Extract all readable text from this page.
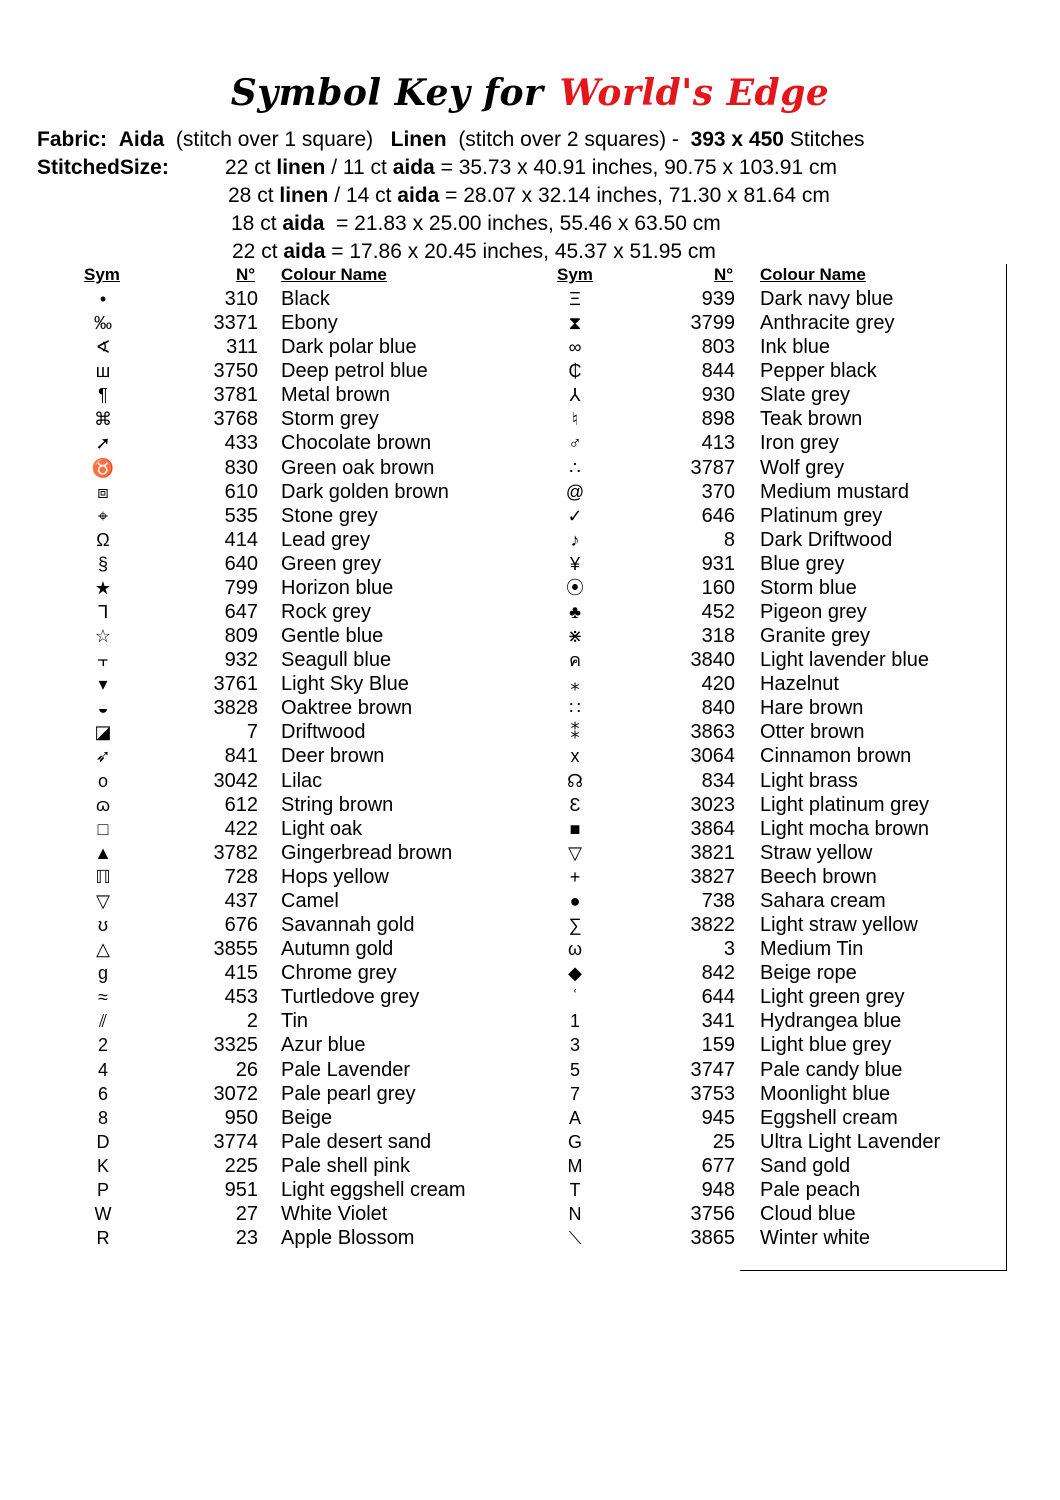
Symbol Key for World's Edge
Fabric: Aida (stitch over 1 square) Linen (stitch over 2 squares) - 393 x 450 Stitches
StitchedSize:	22 ct linen / 11 ct aida = 35.73 x 40.91 inches, 90.75 x 103.91 cm
28 ct linen / 14 ct aida = 28.07 x 32.14 inches, 71.30 x 81.64 cm
18 ct aida  = 21.83 x 25.00 inches, 55.46 x 63.50 cm
22 ct aida = 17.86 x 20.45 inches, 45.37 x 51.95 cm
Sym	N° Colour Name	Sym	N° Colour Name
•	310 Black	Ξ	939 Dark navy blue
‰	3371 Ebony	⧗	3799 Anthracite grey
∢	311 Dark polar blue	∞	803 Ink blue
ш	3750 Deep petrol blue	₵	844 Pepper black
¶	3781 Metal brown	⅄	930 Slate grey
⌘	3768 Storm grey	♮	898 Teak brown
➚	433 Chocolate brown	♂	413 Iron grey
♉	830 Green oak brown	∴	3787 Wolf grey
⧈	610 Dark golden brown	@	370 Medium mustard
⌖	535 Stone grey	✓	646 Platinum grey
Ω	414 Lead grey	♪	8 Dark Driftwood
§	640 Green grey	¥	931 Blue grey
★	799 Horizon blue	⦿	160 Storm blue
ᒣ	647 Rock grey	♣	452 Pigeon grey
☆	809 Gentle blue	⋇	318 Granite grey
⫟	932 Seagull blue	ค	3840 Light lavender blue
▾	3761 Light Sky Blue	⁎	420 Hazelnut
◒	3828 Oaktree brown	∷	840 Hare brown
◪	7 Driftwood	⁑	3863 Otter brown
➶	841 Deer brown	x	3064 Cinnamon brown
o	3042 Lilac	☊	834 Light brass
ɷ	612 String brown	Ɛ	3023 Light platinum grey
□	422 Light oak	■	3864 Light mocha brown
▲	3782 Gingerbread brown	▽	3821 Straw yellow
ℿ	728 Hops yellow	+	3827 Beech brown
▽	437 Camel	●	738 Sahara cream
ʊ	676 Savannah gold	∑	3822 Light straw yellow
△	3855 Autumn gold	ω	3 Medium Tin
g	415 Chrome grey	◆	842 Beige rope
≈	453 Turtledove grey	ʿ	644 Light green grey
⫽	2 Tin	1	341 Hydrangea blue
2	3325 Azur blue	3	159 Light blue grey
4	26 Pale Lavender	5	3747 Pale candy blue
6	3072 Pale pearl grey	7	3753 Moonlight blue
8	950 Beige	A	945 Eggshell cream
D	3774 Pale desert sand	G	25 Ultra Light Lavender
K	225 Pale shell pink	M	677 Sand gold
P	951 Light eggshell cream	T	948 Pale peach
W	27 White Violet	N	3756 Cloud blue
R	23 Apple Blossom	⟍	3865 Winter white
